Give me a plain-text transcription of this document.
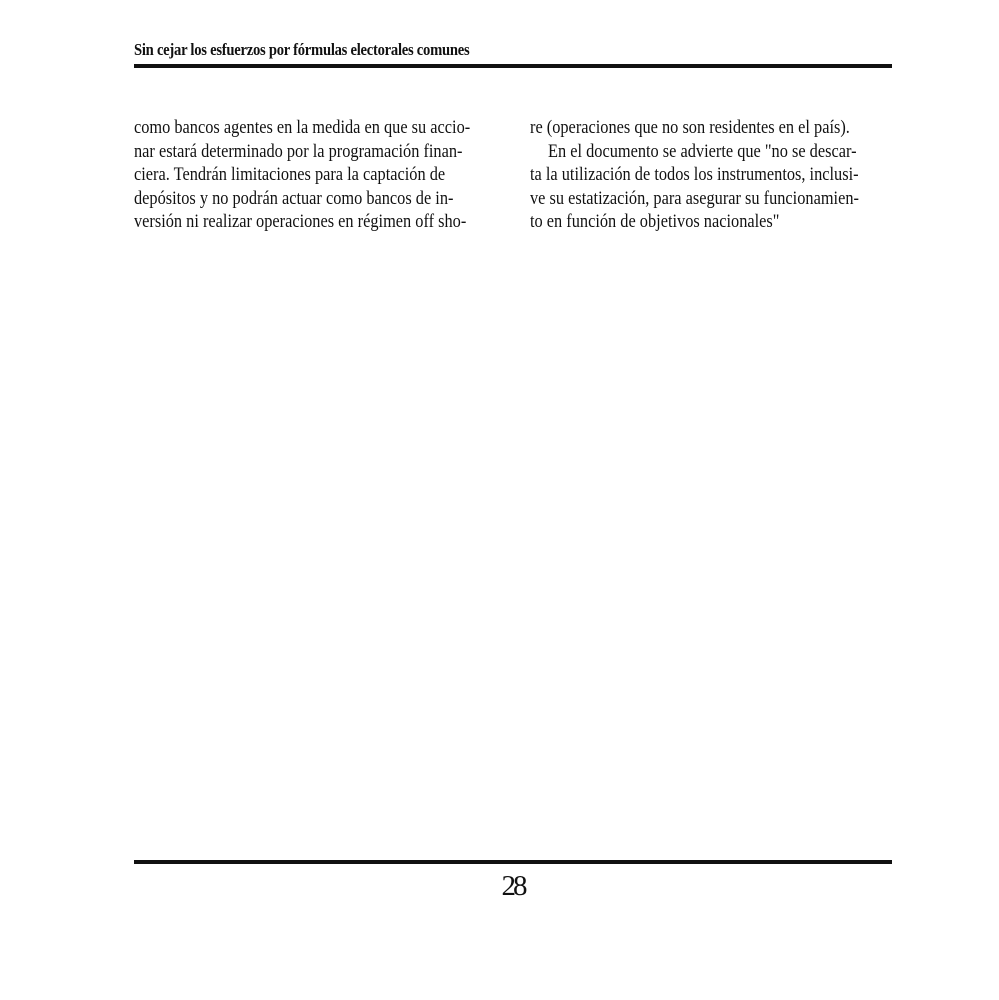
Sin cejar los esfuerzos por fórmulas electorales comunes
como bancos agentes en la medida en que su accio-
nar estará determinado por la programación finan-
ciera. Tendrán limitaciones para la captación de
depósitos y no podrán actuar como bancos de in-
versión ni realizar operaciones en régimen off sho-
re (operaciones que no son residentes en el país).
En el documento se advierte que "no se descar-
ta la utilización de todos los instrumentos, inclusi-
ve su estatización, para asegurar su funcionamien-
to en función de objetivos nacionales"
28
